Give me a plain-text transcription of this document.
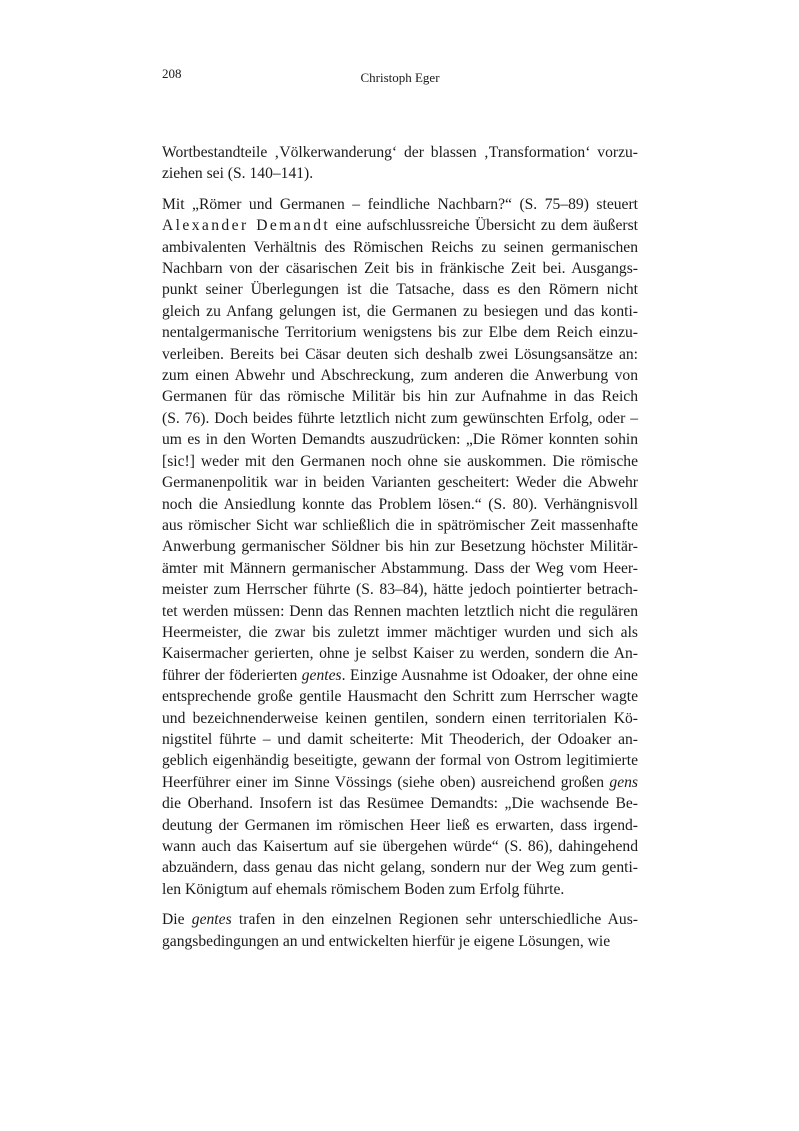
208	Christoph Eger

Wortbestandteile ‚Völkerwanderung‘ der blassen ‚Transformation‘ vorzu-
ziehen sei (S. 140–141).

Mit „Römer und Germanen – feindliche Nachbarn?“ (S. 75–89) steuert
Alexander Demandt eine aufschlussreiche Übersicht zu dem äußerst
ambivalenten Verhältnis des Römischen Reichs zu seinen germanischen
Nachbarn von der cäsarischen Zeit bis in fränkische Zeit bei. Ausgangs-
punkt seiner Überlegungen ist die Tatsache, dass es den Römern nicht
gleich zu Anfang gelungen ist, die Germanen zu besiegen und das konti-
nentalgermanische Territorium wenigstens bis zur Elbe dem Reich einzu-
verleiben. Bereits bei Cäsar deuten sich deshalb zwei Lösungsansätze an:
zum einen Abwehr und Abschreckung, zum anderen die Anwerbung von
Germanen für das römische Militär bis hin zur Aufnahme in das Reich
(S. 76). Doch beides führte letztlich nicht zum gewünschten Erfolg, oder –
um es in den Worten Demandts auszudrücken: „Die Römer konnten sohin
[sic!] weder mit den Germanen noch ohne sie auskommen. Die römische
Germanenpolitik war in beiden Varianten gescheitert: Weder die Abwehr
noch die Ansiedlung konnte das Problem lösen.“ (S. 80). Verhängnisvoll
aus römischer Sicht war schließlich die in spätrömischer Zeit massenhafte
Anwerbung germanischer Söldner bis hin zur Besetzung höchster Militär-
ämter mit Männern germanischer Abstammung. Dass der Weg vom Heer-
meister zum Herrscher führte (S. 83–84), hätte jedoch pointierter betrach-
tet werden müssen: Denn das Rennen machten letztlich nicht die regulären
Heermeister, die zwar bis zuletzt immer mächtiger wurden und sich als
Kaisermacher gerierten, ohne je selbst Kaiser zu werden, sondern die An-
führer der föderierten gentes. Einzige Ausnahme ist Odoaker, der ohne eine
entsprechende große gentile Hausmacht den Schritt zum Herrscher wagte
und bezeichnenderweise keinen gentilen, sondern einen territorialen Kö-
nigstitel führte – und damit scheiterte: Mit Theoderich, der Odoaker an-
geblich eigenhändig beseitigte, gewann der formal von Ostrom legitimierte
Heerführer einer im Sinne Vössings (siehe oben) ausreichend großen gens
die Oberhand. Insofern ist das Resümee Demandts: „Die wachsende Be-
deutung der Germanen im römischen Heer ließ es erwarten, dass irgend-
wann auch das Kaisertum auf sie übergehen würde“ (S. 86), dahingehend
abzuändern, dass genau das nicht gelang, sondern nur der Weg zum genti-
len Königtum auf ehemals römischem Boden zum Erfolg führte.

Die gentes trafen in den einzelnen Regionen sehr unterschiedliche Aus-
gangsbedingungen an und entwickelten hierfür je eigene Lösungen, wie
